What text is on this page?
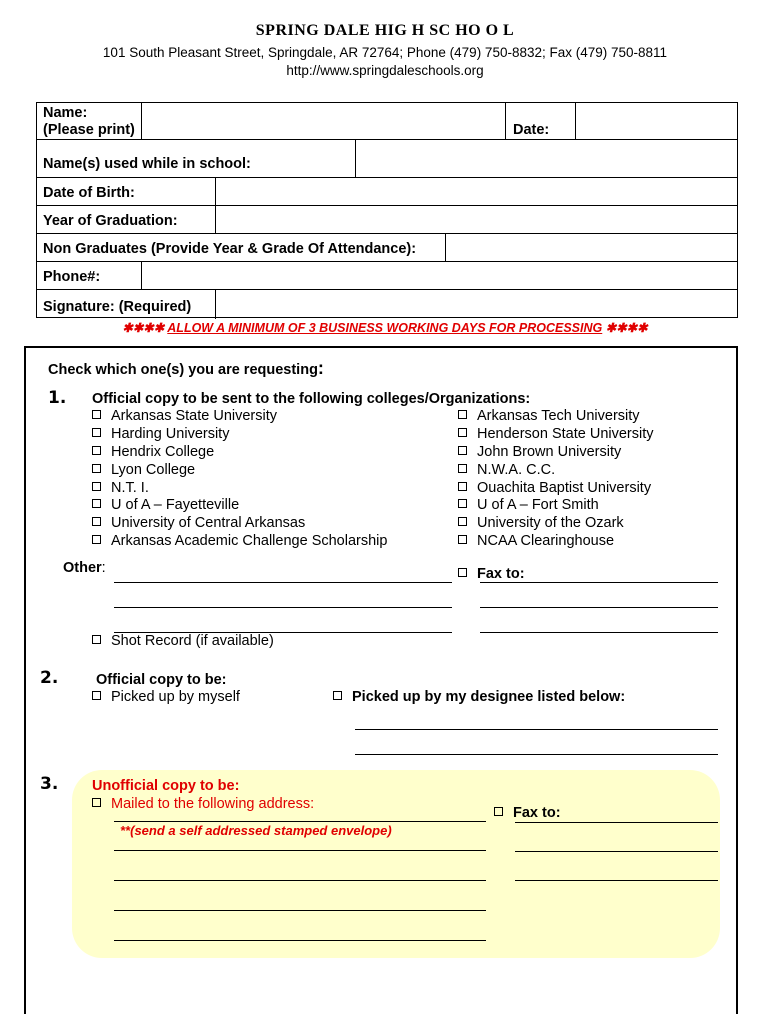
SPRING DALE HIG H SC HO O L
101 South Pleasant Street, Springdale, AR 72764; Phone (479) 750-8832; Fax (479) 750-8811
http://www.springdaleschools.org
Name:
(Please print)	Date:
Name(s) used while in school:
Date of Birth:
Year of Graduation:
Non Graduates (Provide Year & Grade Of Attendance):
Phone#:
Signature: (Required)
✱✱✱✱ ALLOW A MINIMUM OF 3 BUSINESS WORKING DAYS FOR PROCESSING ✱✱✱✱
Check which one(s) you are requesting:
1. Official copy to be sent to the following colleges/Organizations:
Arkansas State University
Harding University
Hendrix College
Lyon College
N.T. I.
U of A – Fayetteville
University of Central Arkansas
Arkansas Academic Challenge Scholarship
Arkansas Tech University
Henderson State University
John Brown University
N.W.A. C.C.
Ouachita Baptist University
U of A – Fort Smith
University of the Ozark
NCAA Clearinghouse
Other:	Fax to:
Shot Record (if available)
2.	Official copy to be:
Picked up by myself	Picked up by my designee listed below:
3. Unofficial copy to be:
Mailed to the following address:
**(send a self addressed stamped envelope)
Fax to:
